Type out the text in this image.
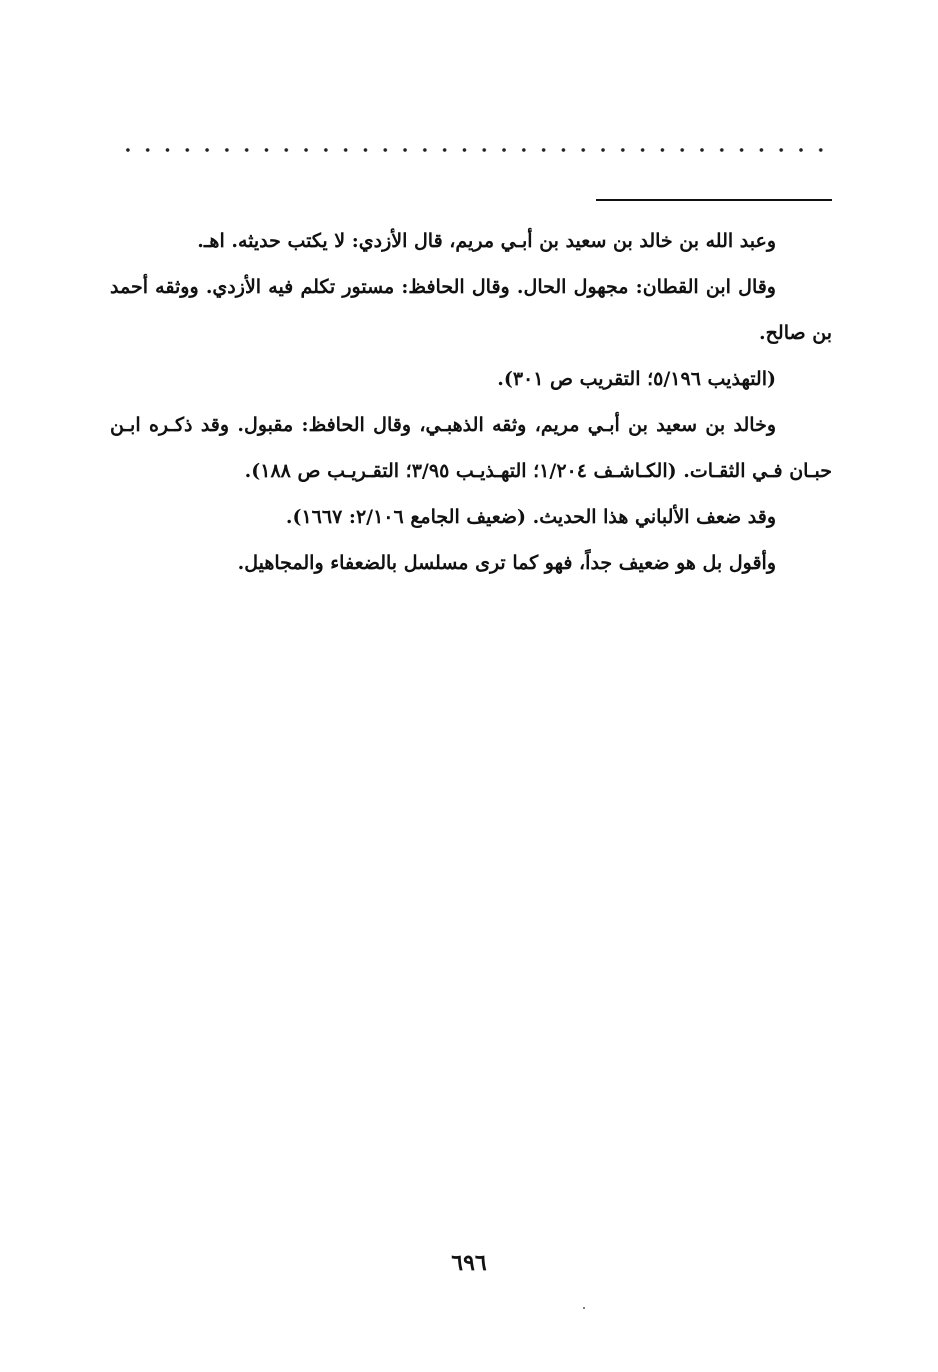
وعبد الله بن خالد بن سعيد بن أبـي مريم، قال الأزدي: لا يكتب حديثه. اهـ.

وقال ابن القطان: مجهول الحال. وقال الحافظ: مستور تكلم فيه الأزدي. ووثقه أحمد بن صالح.

(التهذيب ٥/١٩٦؛ التقريب ص ٣٠١).

وخالد بن سعيد بن أبـي مريم، وثقه الذهبـي، وقال الحافظ: مقبول. وقد ذكـره ابـن حبـان فـي الثقـات. (الكـاشـف ١/٢٠٤؛ التهـذيـب ٣/٩٥؛ التقـريـب ص ١٨٨).

وقد ضعف الألباني هذا الحديث. (ضعيف الجامع ٢/١٠٦: ١٦٦٧).

وأقول بل هو ضعيف جداً، فهو كما ترى مسلسل بالضعفاء والمجاهيل.

٦٩٦
